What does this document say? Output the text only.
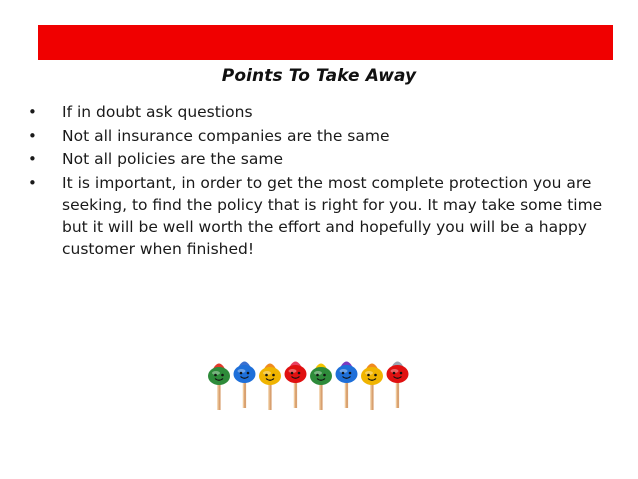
Points To Take Away
•	If in doubt ask questions
•	Not all insurance companies are the same
•	Not all policies are the same
•	It is important, in order to get the most complete protection you are seeking, to find the policy that is right for you. It may take some time but it will be well worth the effort and hopefully you will be a happy customer when finished!
